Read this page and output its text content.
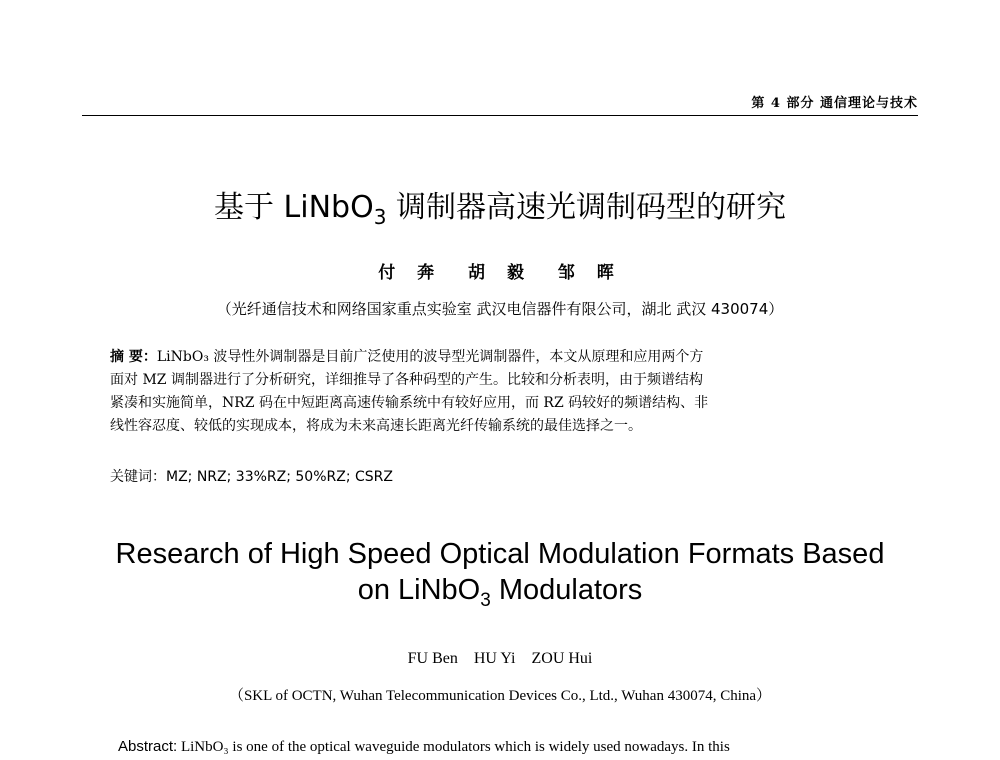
第 4 部分 通信理论与技术
基于 LiNbO$_3$ 调制器高速光调制码型的研究
付 奔 胡 毅 邹 晖
（光纤通信技术和网络国家重点实验室 武汉电信器件有限公司，湖北 武汉 430074）
摘 要：LiNbO₃ 波导性外调制器是目前广泛使用的波导型光调制器件，本文从原理和应用两个方
面对 MZ 调制器进行了分析研究，详细推导了各种码型的产生。比较和分析表明，由于频谱结构
紧凑和实施简单，NRZ 码在中短距离高速传输系统中有较好应用，而 RZ 码较好的频谱结构、非
线性容忍度、较低的实现成本，将成为未来高速长距离光纤传输系统的最佳选择之一。
关键词：MZ; NRZ; 33%RZ; 50%RZ; CSRZ
Research of High Speed Optical Modulation Formats Based
on LiNbO$_3$ Modulators
FU Ben HU Yi ZOU Hui
（SKL of OCTN, Wuhan Telecommunication Devices Co., Ltd., Wuhan 430074, China）
Abstract: LiNbO₃ is one of the optical waveguide modulators which is widely used nowadays. In this
